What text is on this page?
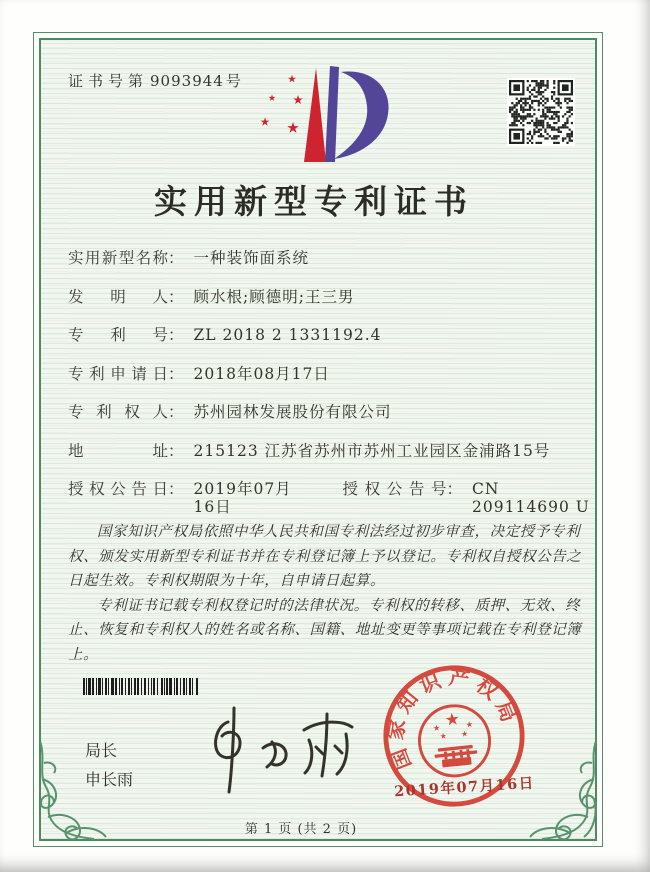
证书号第 9093944 号
实用新型专利证书
实用新型名称 ： 一种装饰面系统
发明人 ： 顾水根;顾德明;王三男
专利号 ： ZL 2018 2 1331192.4
专利申请日 ： 2018年08月17日
专利权人 ： 苏州园林发展股份有限公司
地址 ： 215123 江苏省苏州市苏州工业园区金浦路15号
授权公告日 ： 2019年07月16日
授权公告号 ： CN 209114690 U

国家知识产权局依照中华人民共和国专利法经过初步审查，决定授予专利权、颁发实用新型专利证书并在专利登记簿上予以登记。专利权自授权公告之日起生效。专利权期限为十年，自申请日起算。

专利证书记载专利权登记时的法律状况。专利权的转移、质押、无效、终止、恢复和专利权人的姓名或名称、国籍、地址变更等事项记载在专利登记簿上。

局长
申长雨
国家知识产权局
2019年07月16日
第 1 页 (共 2 页)
